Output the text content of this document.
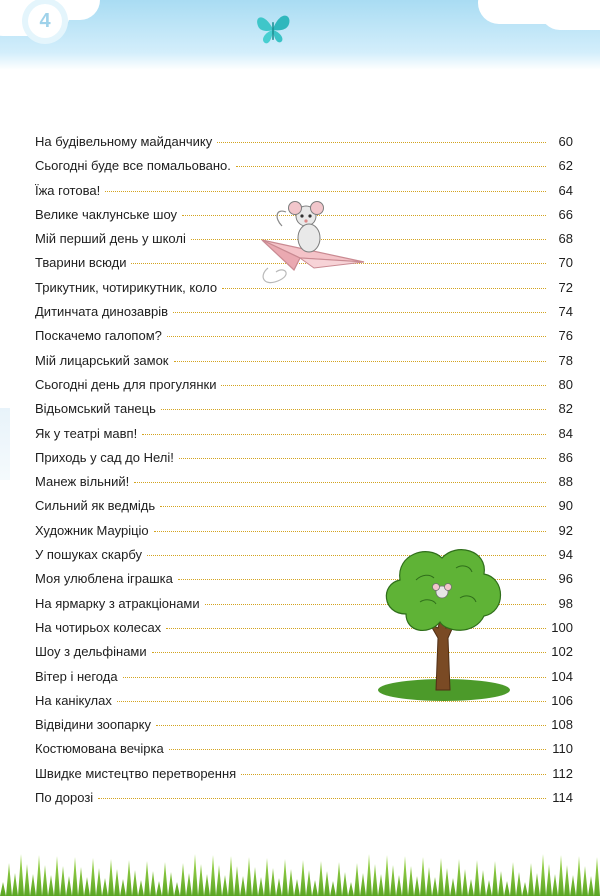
4
На будівельному майданчику	60
Сьогодні буде все помальовано.	62
Їжа готова!	64
Велике чаклунське шоу	66
Мій перший день у школі	68
Тварини всюди	70
Трикутник, чотирикутник, коло	72
Дитинчата динозаврів	74
Поскачемо галопом?	76
Мій лицарський замок	78
Сьогодні день для прогулянки	80
Відьомський танець	82
Як у театрі мавп!	84
Приходь у сад до Нелі!	86
Манеж вільний!	88
Сильний як ведмідь	90
Художник Мауріціо	92
У пошуках скарбу	94
Моя улюблена іграшка	96
На ярмарку з атракціонами	98
На чотирьох колесах	100
Шоу з дельфінами	102
Вітер і негода	104
На канікулах	106
Відвідини зоопарку	108
Костюмована вечірка	110
Швидке мистецтво перетворення	112
По дорозі	114
